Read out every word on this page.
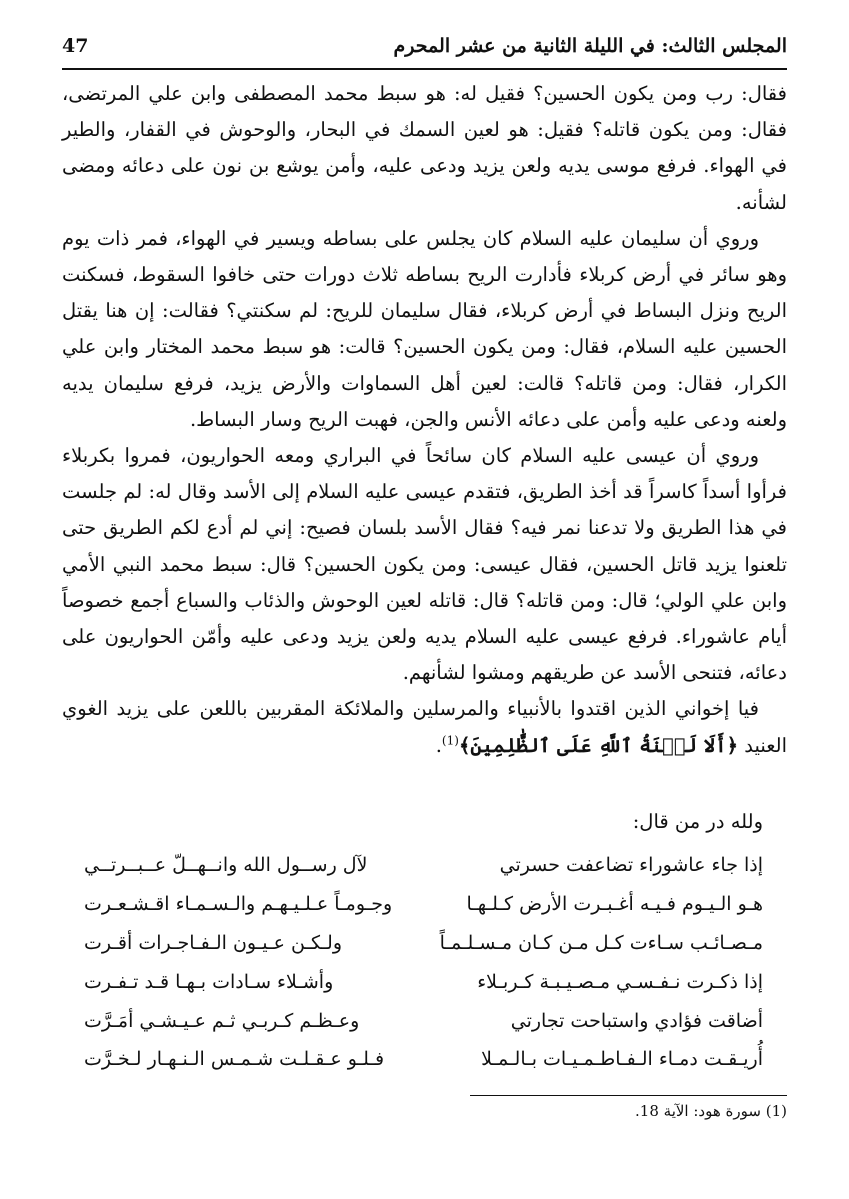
المجلس الثالث: في الليلة الثانية من عشر المحرم
47

فقال: رب ومن يكون الحسين؟ فقيل له: هو سبط محمد المصطفى وابن علي المرتضى، فقال: ومن يكون قاتله؟ فقيل: هو لعين السمك في البحار، والوحوش في القفار، والطير في الهواء. فرفع موسى يديه ولعن يزيد ودعى عليه، وأمن يوشع بن نون على دعائه ومضى لشأنه.

وروي أن سليمان عليه السلام كان يجلس على بساطه ويسير في الهواء، فمر ذات يوم وهو سائر في أرض كربلاء فأدارت الريح بساطه ثلاث دورات حتى خافوا السقوط، فسكنت الريح ونزل البساط في أرض كربلاء، فقال سليمان للريح: لم سكنتي؟ فقالت: إن هنا يقتل الحسين عليه السلام، فقال: ومن يكون الحسين؟ قالت: هو سبط محمد المختار وابن علي الكرار، فقال: ومن قاتله؟ قالت: لعين أهل السماوات والأرض يزيد، فرفع سليمان يديه ولعنه ودعى عليه وأمن على دعائه الأنس والجن، فهبت الريح وسار البساط.

وروي أن عيسى عليه السلام كان سائحاً في البراري ومعه الحواريون، فمروا بكربلاء فرأوا أسداً كاسراً قد أخذ الطريق، فتقدم عيسى عليه السلام إلى الأسد وقال له: لم جلست في هذا الطريق ولا تدعنا نمر فيه؟ فقال الأسد بلسان فصيح: إني لم أدع لكم الطريق حتى تلعنوا يزيد قاتل الحسين، فقال عيسى: ومن يكون الحسين؟ قال: سبط محمد النبي الأمي وابن علي الولي؛ قال: ومن قاتله؟ قال: قاتله لعين الوحوش والذئاب والسباع أجمع خصوصاً أيام عاشوراء. فرفع عيسى عليه السلام يديه ولعن يزيد ودعى عليه وأمّن الحواريون على دعائه، فتنحى الأسد عن طريقهم ومشوا لشأنهم.

فيا إخواني الذين اقتدوا بالأنبياء والمرسلين والملائكة المقربين باللعن على يزيد الغوي العنيد ﴿أَلَا لَعۡنَةُ ٱللَّهِ عَلَى ٱلظَّٰلِمِينَ﴾$^{(1)}$.

ولله در من قال:
إذا جاء عاشوراء تضاعفت حسرتي
لآل رســول الله وانــهــلّ عــبــرتــي
هـو الـيـوم فـيـه أغـبـرت الأرض كـلـهـا
وجـومـاً عـلـيـهـم والـسـمـاء اقـشـعـرت
مـصـائـب سـاءت كـل مـن كـان مـسـلـمـاً
ولـكـن عـيـون الـفـاجـرات أقـرت
إذا ذكـرت نـفـسـي مـصـيـبـة كـربـلاء
وأشـلاء سـادات بـهـا قـد تـفـرت
أضاقت فؤادي واستباحت تجارتي
وعـظـم كـربـي ثـم عـيـشـي أمَـرَّت
أُريـقـت دمـاء الـفـاطـمـيـات بـالـمـلا
فـلـو عـقـلـت شـمـس الـنـهـار لـخـرَّت
(1) سورة هود: الآية 18.
